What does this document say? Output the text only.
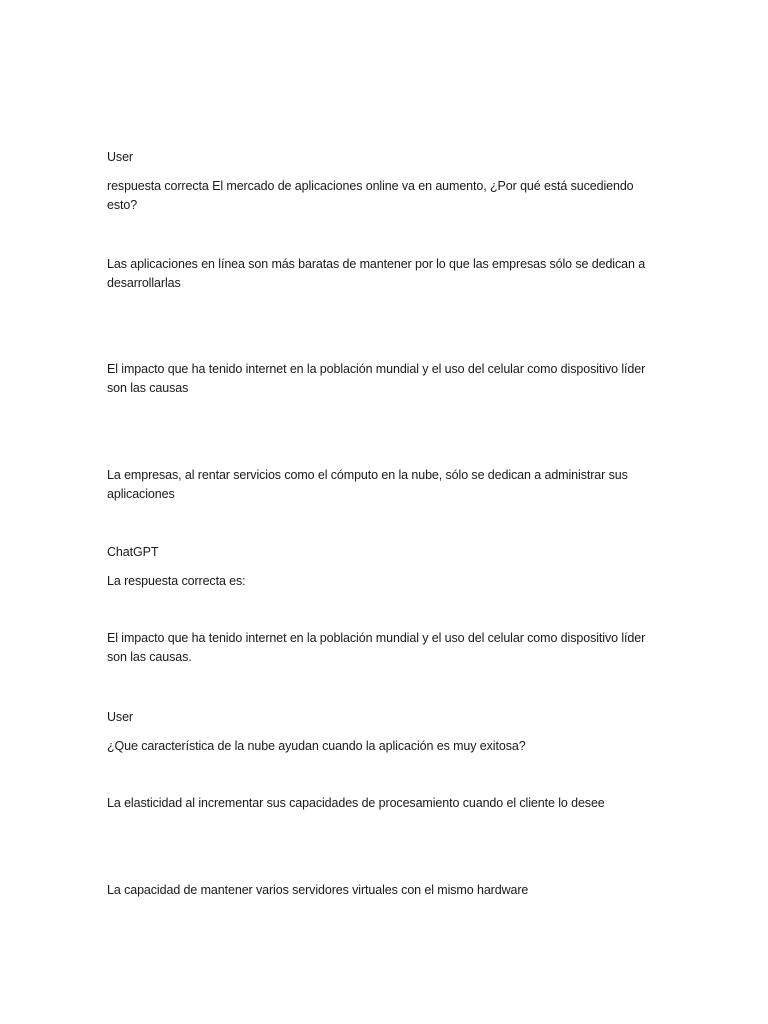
User

respuesta correcta El mercado de aplicaciones online va en aumento, ¿Por qué está sucediendo esto?

Las aplicaciones en línea son más baratas de mantener por lo que las empresas sólo se dedican a desarrollarlas

El impacto que ha tenido internet en la población mundial y el uso del celular como dispositivo líder son las causas

La empresas, al rentar servicios como el cómputo en la nube, sólo se dedican a administrar sus aplicaciones

ChatGPT

La respuesta correcta es:

El impacto que ha tenido internet en la población mundial y el uso del celular como dispositivo líder son las causas.

User

¿Que característica de la nube ayudan cuando la aplicación es muy exitosa?

La elasticidad al incrementar sus capacidades de procesamiento cuando el cliente lo desee

La capacidad de mantener varios servidores virtuales con el mismo hardware
